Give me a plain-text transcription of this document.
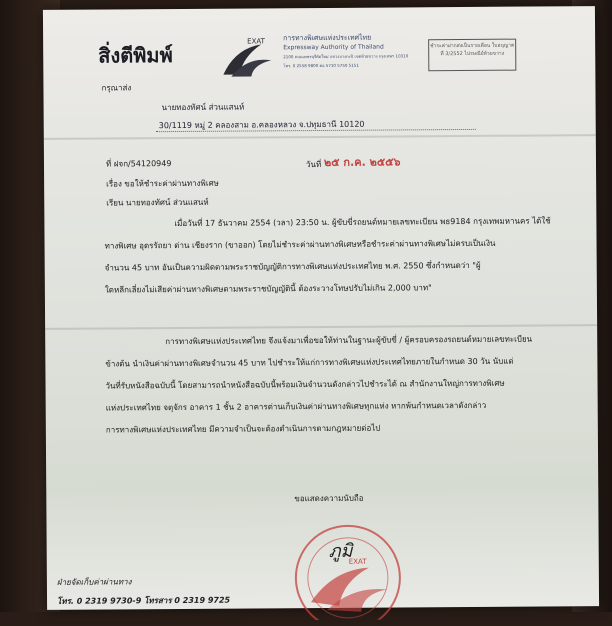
สิ่งตีพิมพ์
EXAT	การทางพิเศษแห่งประเทศไทย
Expressway Authority of Thailand
2100 ถนนเพชรบุรีตัดใหม่ แขวงบางกะปิ เขตห้วยขวาง กรุงเทพฯ 10310
โทร. 0 2558 9800 ต่อ 5710 5750 5151
ชำระค่าฝากส่งเป็นรายเดือน ใบอนุญาตที่ 3/2552 ไปรษณีย์ห้วยขวาง
กรุณาส่ง
นายทองทัศน์ ส่วนแสนห์
30/1119 หมู่ 2 คลองสาม อ.คลองหลวง จ.ปทุมธานี 10120
ที่ ฝจก/54120949	วันที่ ๒๕ ก.ค. ๒๕๕๖
เรื่อง ขอให้ชำระค่าผ่านทางพิเศษ
เรียน นายทองทัศน์ ส่วนแสนห์
เมื่อวันที่ 17 ธันวาคม 2554 (วลา) 23:50 น. ผู้ขับขี่รถยนต์หมายเลขทะเบียน พธ9184 กรุงเทพมหานคร ได้ใช้
ทางพิเศษ อุดรรัถยา ด่าน เชียงราก (ขาออก) โดยไม่ชำระค่าผ่านทางพิเศษหรือชำระค่าผ่านทางพิเศษไม่ครบเป็นเงิน
จำนวน 45 บาท อันเป็นความผิดตามพระราชบัญญัติการทางพิเศษแห่งประเทศไทย พ.ศ. 2550 ซึ่งกำหนดว่า "ผู้
ใดหลีกเลี่ยงไม่เสียค่าผ่านทางพิเศษตามพระราชบัญญัตินี้ ต้องระวางโทษปรับไม่เกิน 2,000 บาท"
การทางพิเศษแห่งประเทศไทย จึงแจ้งมาเพื่อขอให้ท่านในฐานะผู้ขับขี่ / ผู้ครอบครองรถยนต์หมายเลขทะเบียน
ข้างต้น นำเงินค่าผ่านทางพิเศษจำนวน 45 บาท ไปชำระให้แก่การทางพิเศษแห่งประเทศไทยภายในกำหนด 30 วัน นับแต่
วันที่รับหนังสือฉบับนี้ โดยสามารถนำหนังสือฉบับนี้พร้อมเงินจำนวนดังกล่าวไปชำระได้ ณ สำนักงานใหญ่การทางพิเศษ
แห่งประเทศไทย จตุจักร อาคาร 1 ชั้น 2 อาคารด่านเก็บเงินค่าผ่านทางพิเศษทุกแห่ง หากพ้นกำหนดเวลาดังกล่าว
การทางพิเศษแห่งประเทศไทย มีความจำเป็นจะต้องดำเนินการตามกฎหมายต่อไป
ขอแสดงความนับถือ
EXAT
ภูมิ
ฝ่ายจัดเก็บค่าผ่านทาง
โทร. 0 2319 9730-9 โทรสาร 0 2319 9725
